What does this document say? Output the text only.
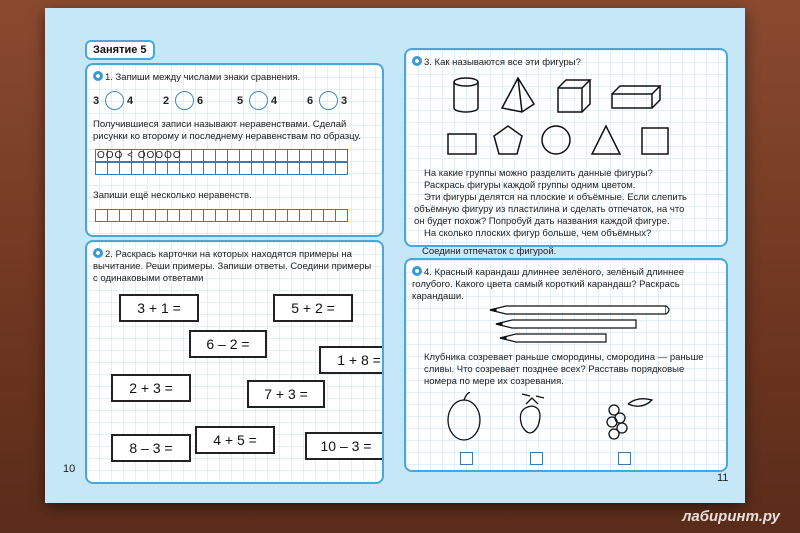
Занятие 5
1. Запиши между числами знаки сравнения.
3	4	2	6	5	4	6	3
Получившиеся записи называют неравенствами. Сделай рисунки ко второму и последнему неравенствам по образцу.
OOO < OOOOO
Запиши ещё несколько неравенств.
2. Раскрась карточки на которых находятся примеры на вычитание. Реши примеры. Запиши ответы. Соедини примеры с одинаковыми ответами
3 + 1 =	5 + 2 =
6 – 2 =
1 + 8 =
2 + 3 =	7 + 3 =
8 – 3 =	4 + 5 =	10 – 3 =
10
3. Как называются все эти фигуры?
На какие группы можно разделить данные фигуры?
Раскрась фигуры каждой группы одним цветом.
Эти фигуры делятся на плоские и объёмные. Если слепить
объёмную фигуру из пластилина и сделать отпечаток, на что
он будет похож? Попробуй дать названия каждой фигуре.
На сколько плоских фигур больше, чем объёмных?
Соедини отпечаток с фигурой.
4. Красный карандаш длиннее зелёного, зелёный длиннее голубого. Какого цвета самый короткий карандаш? Раскрась карандаши.
Клубника созревает раньше смородины, смородина — раньше сливы. Что созревает позднее всех? Расставь порядковые номера по мере их созревания.
11
лабиринт.ру
